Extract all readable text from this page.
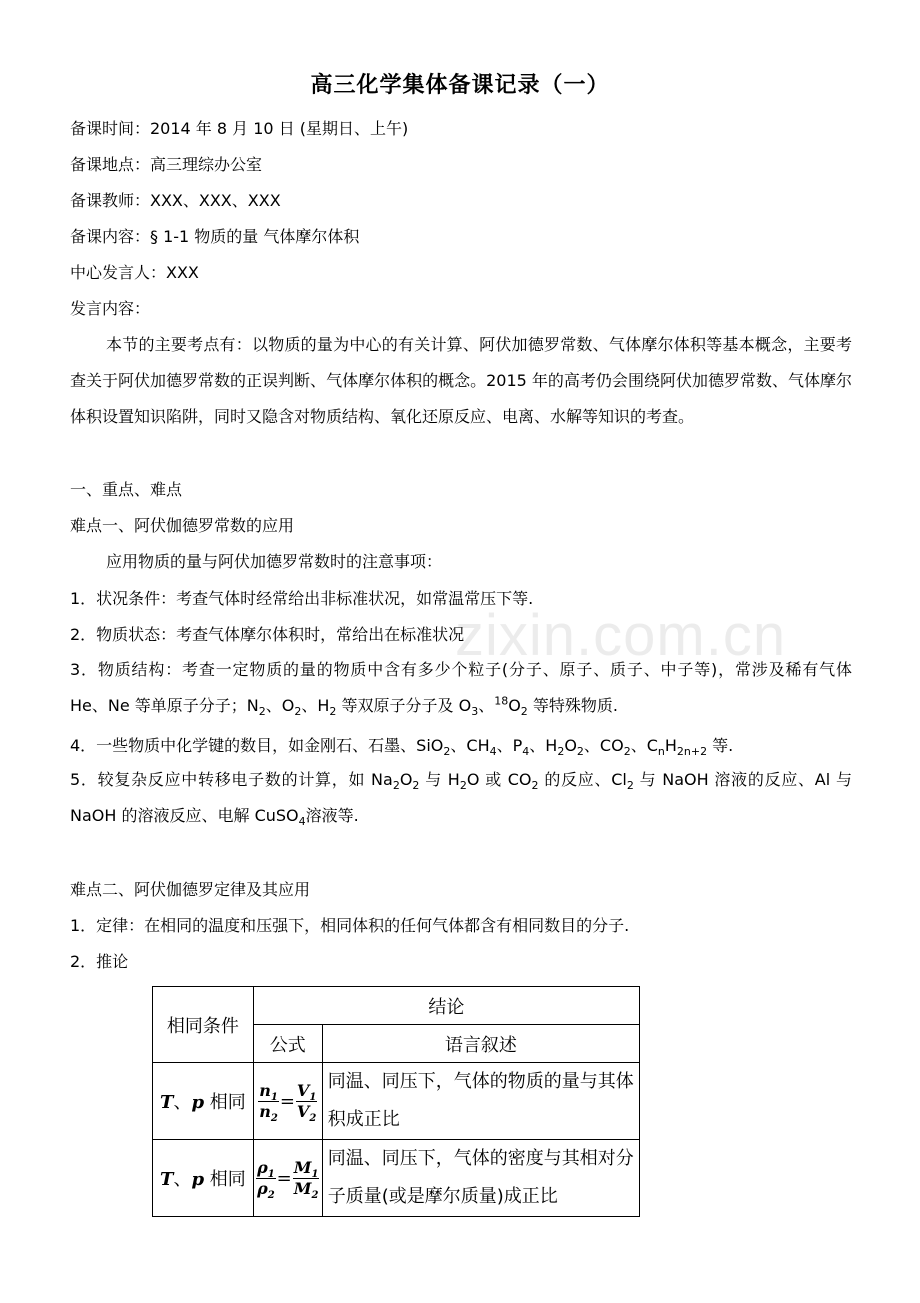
zixin.com.cn
高三化学集体备课记录（一）
备课时间：2014 年 8 月 10 日 (星期日、上午)
备课地点：高三理综办公室
备课教师：XXX、XXX、XXX
备课内容：§ 1-1 物质的量 气体摩尔体积
中心发言人：XXX
发言内容：
本节的主要考点有：以物质的量为中心的有关计算、阿伏加德罗常数、气体摩尔体积等基本概念，主要考查关于阿伏加德罗常数的正误判断、气体摩尔体积的概念。2015 年的高考仍会围绕阿伏加德罗常数、气体摩尔体积设置知识陷阱，同时又隐含对物质结构、氧化还原反应、电离、水解等知识的考查。
一、重点、难点
难点一、阿伏伽德罗常数的应用
应用物质的量与阿伏加德罗常数时的注意事项：
1．状况条件：考查气体时经常给出非标准状况，如常温常压下等.
2．物质状态：考查气体摩尔体积时，常给出在标准状况
3．物质结构：考查一定物质的量的物质中含有多少个粒子(分子、原子、质子、中子等)，常涉及稀有气体 He、Ne 等单原子分子；$N_2$、$O_2$、$H_2$ 等双原子分子及 $O_3$、$^{18}O_2$ 等特殊物质.
4．一些物质中化学键的数目，如金刚石、石墨、SiO$_2$、$CH_4$、$P_4$、$H_2O_2$、$CO_2$、$C_nH_{2n+2}$ 等.
5．较复杂反应中转移电子数的计算，如 $Na_2O_2$ 与 $H_2O$ 或 $CO_2$ 的反应、$Cl_2$ 与 NaOH 溶液的反应、Al 与 NaOH 的溶液反应、电解 CuSO$_4$溶液等.
难点二、阿伏伽德罗定律及其应用
1．定律：在相同的温度和压强下，相同体积的任何气体都含有相同数目的分子.
2．推论
相同条件	结论	
	公式	语言叙述
T、p 相同	$\frac{n_1}{n_2} = \frac{V_1}{V_2}$	同温、同压下，气体的物质的量与其体积成正比
T、p 相同	$\frac{\rho_1}{\rho_2} = \frac{M_1}{M_2}$	同温、同压下，气体的密度与其相对分子质量(或是摩尔质量)成正比
